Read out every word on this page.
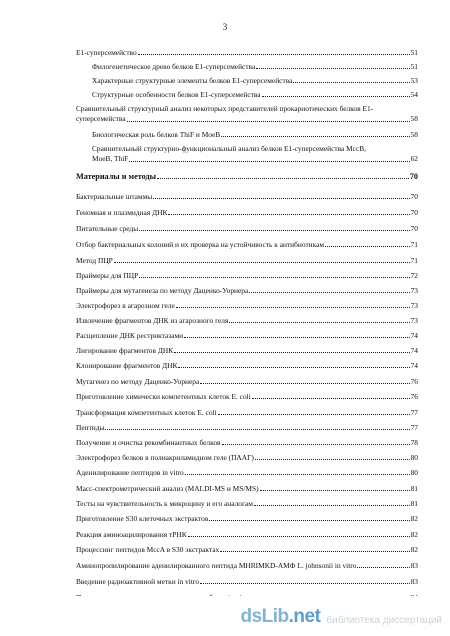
3
Е1-суперсемейство	51
Филогенетическое древо белков Е1-суперсемейства	51
Характерные структурные элементы белков Е1-суперсемейства	53
Структурные особенности белков Е1-суперсемейства	54
Сравнительный структурный анализ некоторых представителей прокариотических белков Е1-
суперсемейства	58
Биологическая роль белков ThiF и MoeB	58
Сравнительный структурно-функциональный анализ белков Е1-суперсемейства MccB,
MoeB, ThiF	62
Материалы и методы	70
Бактериальные штаммы	70
Геномная и плазмидная ДНК	70
Питательные среды	70
Отбор бактериальных колоний и их проверка на устойчивость к антибиотикам	71
Метод ПЦР	71
Праймеры для ПЦР	72
Праймеры для мутагенеза по методу Даценко-Уорнера	73
Электрофорез в агарозном геле	73
Извлечение фрагментов ДНК из агарозного геля	73
Расщепление ДНК рестриктазами	74
Лигирование фрагментов ДНК	74
Клонирование фрагментов ДНК	74
Мутагенез по методу Даценко-Уорнера	76
Приготовление химически компетентных клеток E. coli	76
Трансформация компетентных клеток E. coli	77
Пептиды	77
Получение и очистка рекомбинантных белков	78
Электрофорез белков в полиакриламидном геле (ПААГ)	80
Аденилирование пептидов in vitro	80
Масс-спектрометрический анализ (MALDI-MS и MS/MS)	81
Тесты на чувствительность к микроцину и его аналогам	81
Приготовление S30 клеточных экстрактов	82
Реакция аминоацилирования тРНК	82
Процессинг пептидов MccA в S30 экстрактах	82
Аминопропилирование аденилированного пептида MHRIMKD-АМФ L. johnsonii in vitro	83
Введение радиоактивной метки in vitro	83
dsLib.net библиотека диссертаций
